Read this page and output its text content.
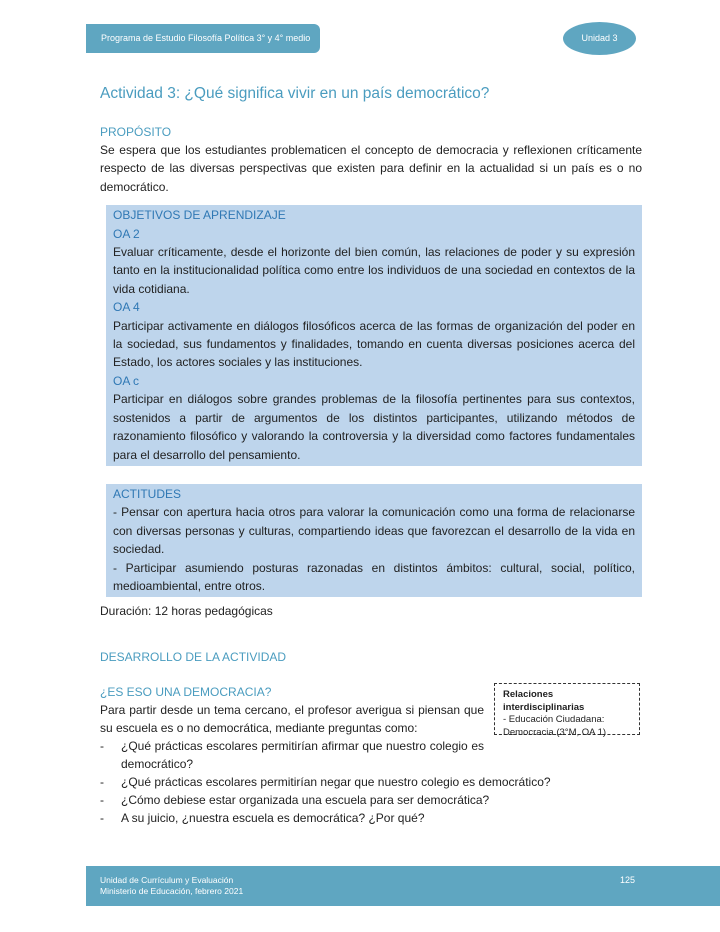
Programa de Estudio Filosofía Política 3° y 4° medio	Unidad 3
Actividad 3: ¿Qué significa vivir en un país democrático?
PROPÓSITO

Se espera que los estudiantes problematicen el concepto de democracia y reflexionen críticamente respecto de las diversas perspectivas que existen para definir en la actualidad si un país es o no democrático.

OBJETIVOS DE APRENDIZAJE
OA 2

Evaluar críticamente, desde el horizonte del bien común, las relaciones de poder y su expresión tanto en la institucionalidad política como entre los individuos de una sociedad en contextos de la vida cotidiana.

OA 4

Participar activamente en diálogos filosóficos acerca de las formas de organización del poder en la sociedad, sus fundamentos y finalidades, tomando en cuenta diversas posiciones acerca del Estado, los actores sociales y las instituciones.

OA c

Participar en diálogos sobre grandes problemas de la filosofía pertinentes para sus contextos, sostenidos a partir de argumentos de los distintos participantes, utilizando métodos de razonamiento filosófico y valorando la controversia y la diversidad como factores fundamentales para el desarrollo del pensamiento.

ACTITUDES

- Pensar con apertura hacia otros para valorar la comunicación como una forma de relacionarse con diversas personas y culturas, compartiendo ideas que favorezcan el desarrollo de la vida en sociedad.

- Participar asumiendo posturas razonadas en distintos ámbitos: cultural, social, político, medioambiental, entre otros.

Duración: 12 horas pedagógicas
DESARROLLO DE LA ACTIVIDAD
¿ES ESO UNA DEMOCRACIA?

Para partir desde un tema cercano, el profesor averigua si piensan que su escuela es o no democrática, mediante preguntas como:

- ¿Qué prácticas escolares permitirían afirmar que nuestro colegio es democrático?
- ¿Qué prácticas escolares permitirían negar que nuestro colegio es democrático?
- ¿Cómo debiese estar organizada una escuela para ser democrática?
- A su juicio, ¿nuestra escuela es democrática? ¿Por qué?
Relaciones interdisciplinarias
- Educación Ciudadana:
Democracia (3°M, OA 1)
Unidad de Currículum y Evaluación
Ministerio de Educación, febrero 2021
125
